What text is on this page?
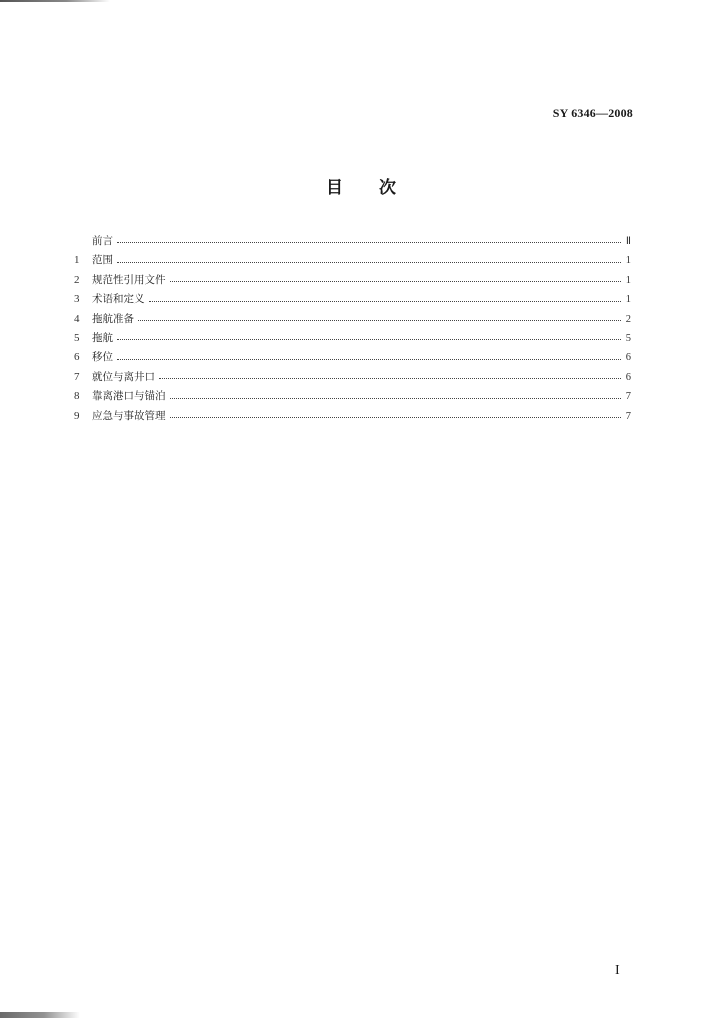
SY 6346—2008
目次
前言	Ⅱ
1	范围	1
2	规范性引用文件	1
3	术语和定义	1
4	拖航准备	2
5	拖航	5
6	移位	6
7	就位与离井口	6
8	靠离港口与锚泊	7
9	应急与事故管理	7
I
